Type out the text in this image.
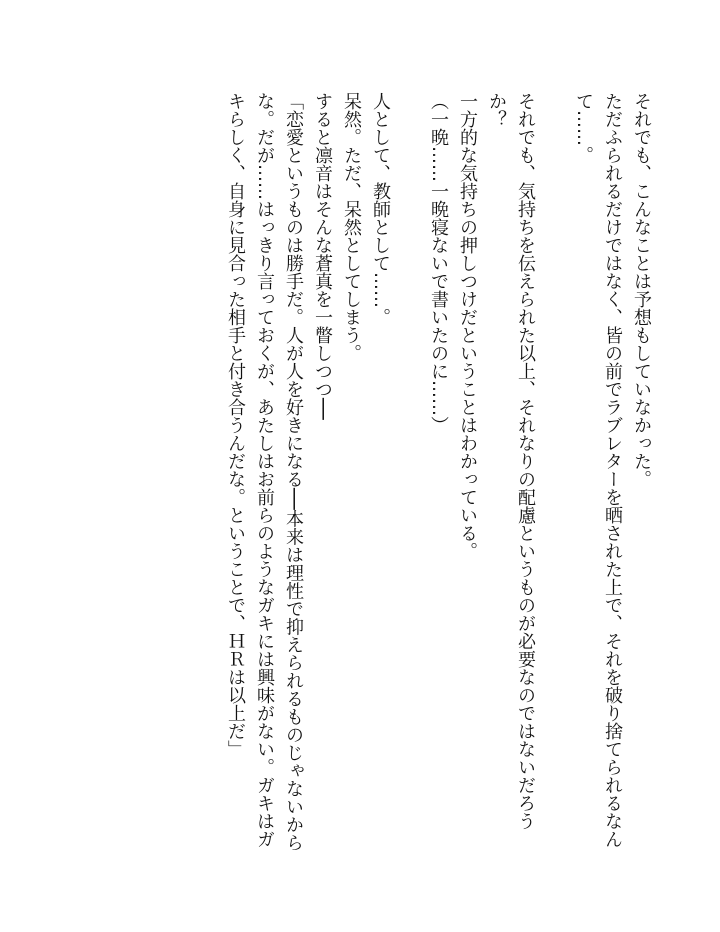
それでも、こんなことは予想もしていなかった。

ただふられるだけではなく、皆の前でラブレターを晒された上で、それを破り捨てられるなんて……。

それでも、気持ちを伝えられた以上、それなりの配慮というものが必要なのではないだろうか？

一方的な気持ちの押しつけだということはわかっている。

（一晩……一晩寝ないで書いたのに……）

人として、教師として……。

呆然。ただ、呆然としてしまう。

すると凛音はそんな蒼真を一瞥しつつ──

「恋愛というものは勝手だ。人が人を好きになる──本来は理性で抑えられるものじゃないからな。だが……はっきり言っておくが、あたしはお前らのようなガキには興味がない。ガキはガキらしく、自身に見合った相手と付き合うんだな。ということで、ＨＲは以上だ」
